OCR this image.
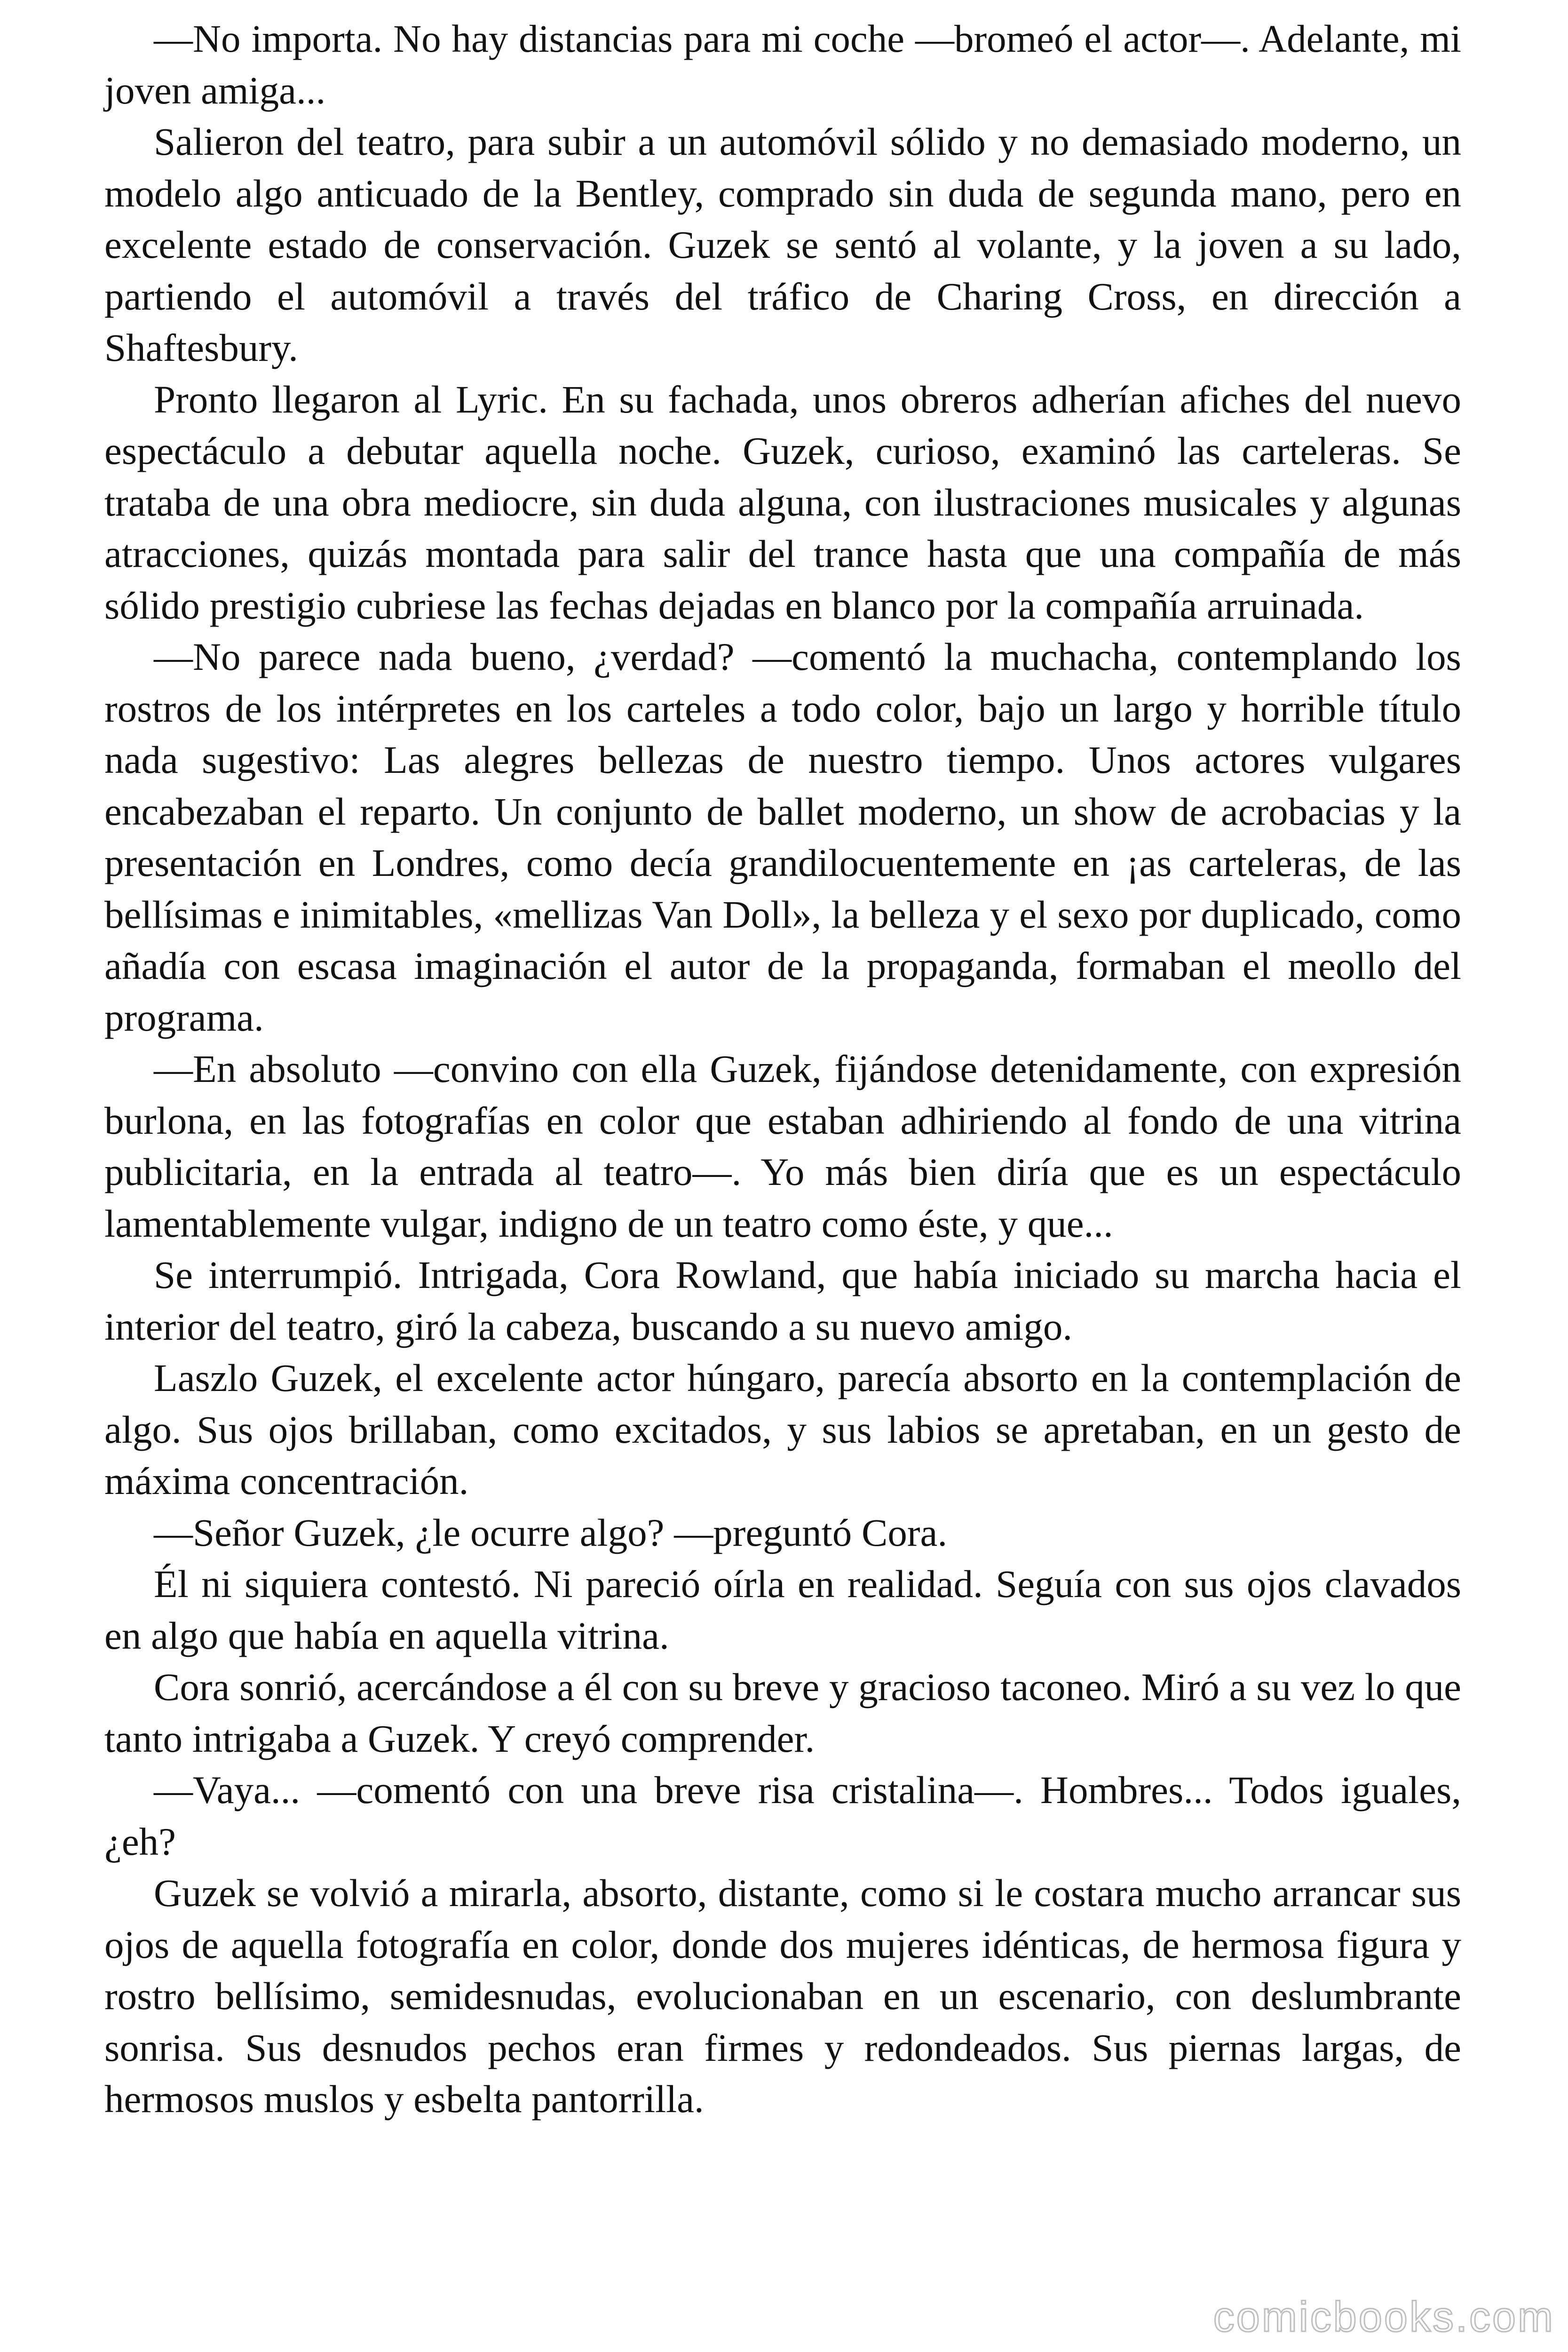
—No importa. No hay distancias para mi coche —bromeó el actor—. Adelante, mi joven amiga...

Salieron del teatro, para subir a un automóvil sólido y no demasiado moderno, un modelo algo anticuado de la Bentley, comprado sin duda de segunda mano, pero en excelente estado de conservación. Guzek se sentó al volante, y la joven a su lado, partiendo el automóvil a través del tráfico de Charing Cross, en dirección a Shaftesbury.

Pronto llegaron al Lyric. En su fachada, unos obreros adherían afiches del nuevo espectáculo a debutar aquella noche. Guzek, curioso, examinó las carteleras. Se trataba de una obra mediocre, sin duda alguna, con ilustraciones musicales y algunas atracciones, quizás montada para salir del trance hasta que una compañía de más sólido prestigio cubriese las fechas dejadas en blanco por la compañía arruinada.

—No parece nada bueno, ¿verdad? —comentó la muchacha, contemplando los rostros de los intérpretes en los carteles a todo color, bajo un largo y horrible título nada sugestivo: Las alegres bellezas de nuestro tiempo. Unos actores vulgares encabezaban el reparto. Un conjunto de ballet moderno, un show de acrobacias y la presentación en Londres, como decía grandilocuentemente en ¡as carteleras, de las bellísimas e inimitables, «mellizas Van Doll», la belleza y el sexo por duplicado, como añadía con escasa imaginación el autor de la propaganda, formaban el meollo del programa.

—En absoluto —convino con ella Guzek, fijándose detenidamente, con expresión burlona, en las fotografías en color que estaban adhiriendo al fondo de una vitrina publicitaria, en la entrada al teatro—. Yo más bien diría que es un espectáculo lamentablemente vulgar, indigno de un teatro como éste, y que...

Se interrumpió. Intrigada, Cora Rowland, que había iniciado su marcha hacia el interior del teatro, giró la cabeza, buscando a su nuevo amigo.

Laszlo Guzek, el excelente actor húngaro, parecía absorto en la contemplación de algo. Sus ojos brillaban, como excitados, y sus labios se apretaban, en un gesto de máxima concentración.

—Señor Guzek, ¿le ocurre algo? —preguntó Cora.

Él ni siquiera contestó. Ni pareció oírla en realidad. Seguía con sus ojos clavados en algo que había en aquella vitrina.

Cora sonrió, acercándose a él con su breve y gracioso taconeo. Miró a su vez lo que tanto intrigaba a Guzek. Y creyó comprender.

—Vaya... —comentó con una breve risa cristalina—. Hombres... Todos iguales, ¿eh?

Guzek se volvió a mirarla, absorto, distante, como si le costara mucho arrancar sus ojos de aquella fotografía en color, donde dos mujeres idénticas, de hermosa figura y rostro bellísimo, semidesnudas, evolucionaban en un escenario, con deslumbrante sonrisa. Sus desnudos pechos eran firmes y redondeados. Sus piernas largas, de hermosos muslos y esbelta pantorrilla.

comicbooks.com
